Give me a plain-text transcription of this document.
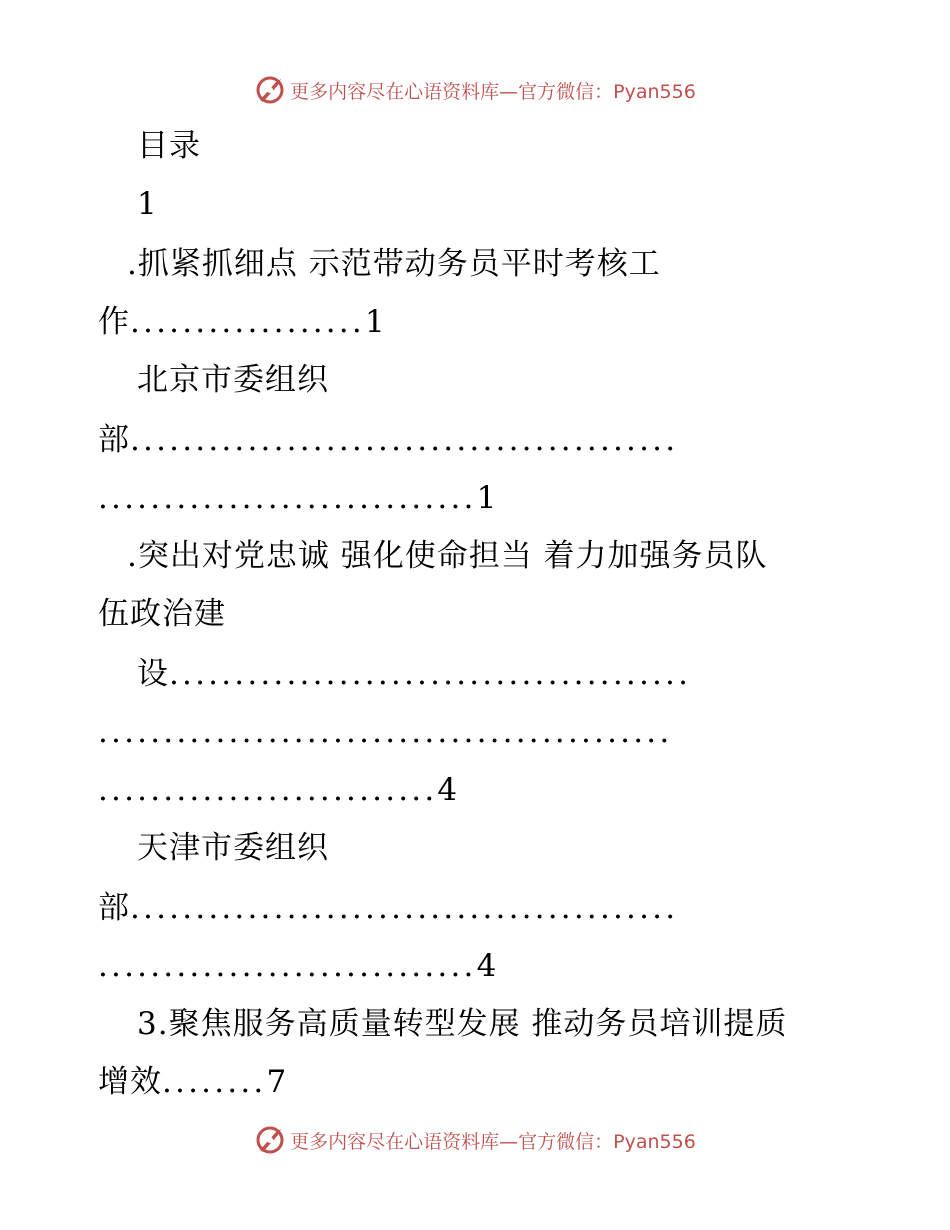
更多内容尽在心语资料库—官方微信：Pyan556
目录
1
.抓紧抓细点 示范带动务员平时考核工
作..................1
北京市委组织
部..........................................
.............................1
.突出对党忠诚 强化使命担当 着力加强务员队
伍政治建
设........................................
............................................
..........................4
天津市委组织
部..........................................
.............................4
3.聚焦服务高质量转型发展 推动务员培训提质
增效........7
更多内容尽在心语资料库—官方微信：Pyan556
